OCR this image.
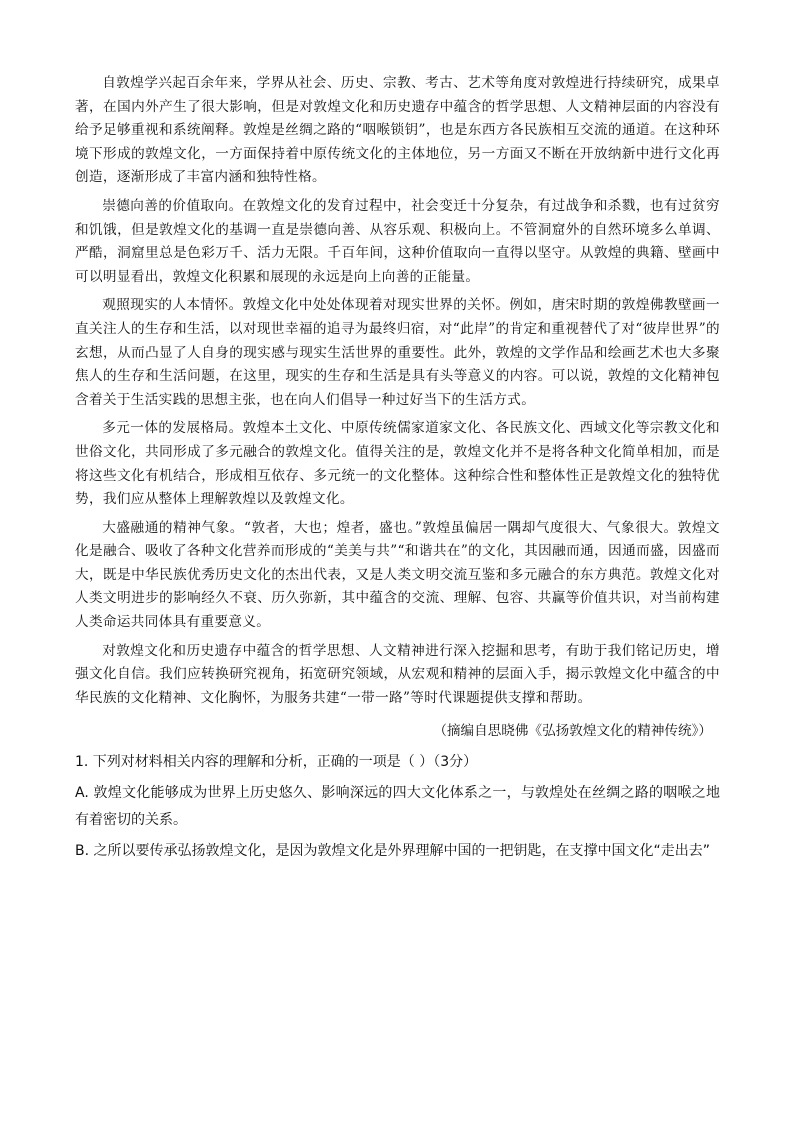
自敦煌学兴起百余年来，学界从社会、历史、宗教、考古、艺术等角度对敦煌进行持续研究，成果卓著，在国内外产生了很大影响，但是对敦煌文化和历史遗存中蕴含的哲学思想、人文精神层面的内容没有给予足够重视和系统阐释。敦煌是丝绸之路的“咽喉锁钥”，也是东西方各民族相互交流的通道。在这种环境下形成的敦煌文化，一方面保持着中原传统文化的主体地位，另一方面又不断在开放纳新中进行文化再创造，逐渐形成了丰富内涵和独特性格。

崇德向善的价值取向。在敦煌文化的发育过程中，社会变迁十分复杂，有过战争和杀戮，也有过贫穷和饥饿，但是敦煌文化的基调一直是崇德向善、从容乐观、积极向上。不管洞窟外的自然环境多么单调、严酷，洞窟里总是色彩万千、活力无限。千百年间，这种价值取向一直得以坚守。从敦煌的典籍、壁画中可以明显看出，敦煌文化积累和展现的永远是向上向善的正能量。

观照现实的人本情怀。敦煌文化中处处体现着对现实世界的关怀。例如，唐宋时期的敦煌佛教壁画一直关注人的生存和生活，以对现世幸福的追寻为最终归宿，对“此岸”的肯定和重视替代了对“彼岸世界”的玄想，从而凸显了人自身的现实感与现实生活世界的重要性。此外，敦煌的文学作品和绘画艺术也大多聚焦人的生存和生活问题，在这里，现实的生存和生活是具有头等意义的内容。可以说，敦煌的文化精神包含着关于生活实践的思想主张，也在向人们倡导一种过好当下的生活方式。

多元一体的发展格局。敦煌本土文化、中原传统儒家道家文化、各民族文化、西域文化等宗教文化和世俗文化，共同形成了多元融合的敦煌文化。值得关注的是，敦煌文化并不是将各种文化简单相加，而是将这些文化有机结合，形成相互依存、多元统一的文化整体。这种综合性和整体性正是敦煌文化的独特优势，我们应从整体上理解敦煌以及敦煌文化。

大盛融通的精神气象。“敦者，大也；煌者，盛也。”敦煌虽偏居一隅却气度很大、气象很大。敦煌文化是融合、吸收了各种文化营养而形成的“美美与共”“和谐共在”的文化，其因融而通，因通而盛，因盛而大，既是中华民族优秀历史文化的杰出代表，又是人类文明交流互鉴和多元融合的东方典范。敦煌文化对人类文明进步的影响经久不衰、历久弥新，其中蕴含的交流、理解、包容、共赢等价值共识，对当前构建人类命运共同体具有重要意义。

对敦煌文化和历史遗存中蕴含的哲学思想、人文精神进行深入挖掘和思考，有助于我们铭记历史，增强文化自信。我们应转换研究视角，拓宽研究领域，从宏观和精神的层面入手，揭示敦煌文化中蕴含的中华民族的文化精神、文化胸怀，为服务共建“一带一路”等时代课题提供支撑和帮助。

（摘编自思晓佛《弘扬敦煌文化的精神传统》）

1. 下列对材料相关内容的理解和分析，正确的一项是（ ）（3分）

A. 敦煌文化能够成为世界上历史悠久、影响深远的四大文化体系之一，与敦煌处在丝绸之路的咽喉之地有着密切的关系。

B. 之所以要传承弘扬敦煌文化，是因为敦煌文化是外界理解中国的一把钥匙，在支撑中国文化“走出去”
